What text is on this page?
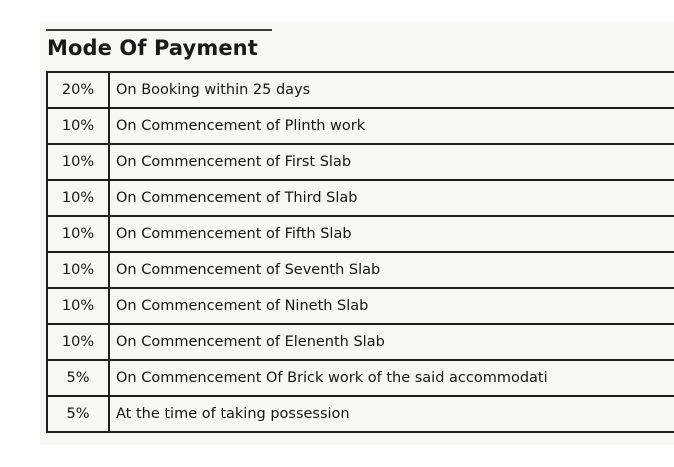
Mode Of Payment
20%	On Booking within 25 days
10%	On Commencement of Plinth work
10%	On Commencement of First Slab
10%	On Commencement of Third Slab
10%	On Commencement of Fifth Slab
10%	On Commencement of Seventh Slab
10%	On Commencement of Nineth Slab
10%	On Commencement of Elenenth Slab
5%	On Commencement Of Brick work of the said accommodati
5%	At the time of taking possession
